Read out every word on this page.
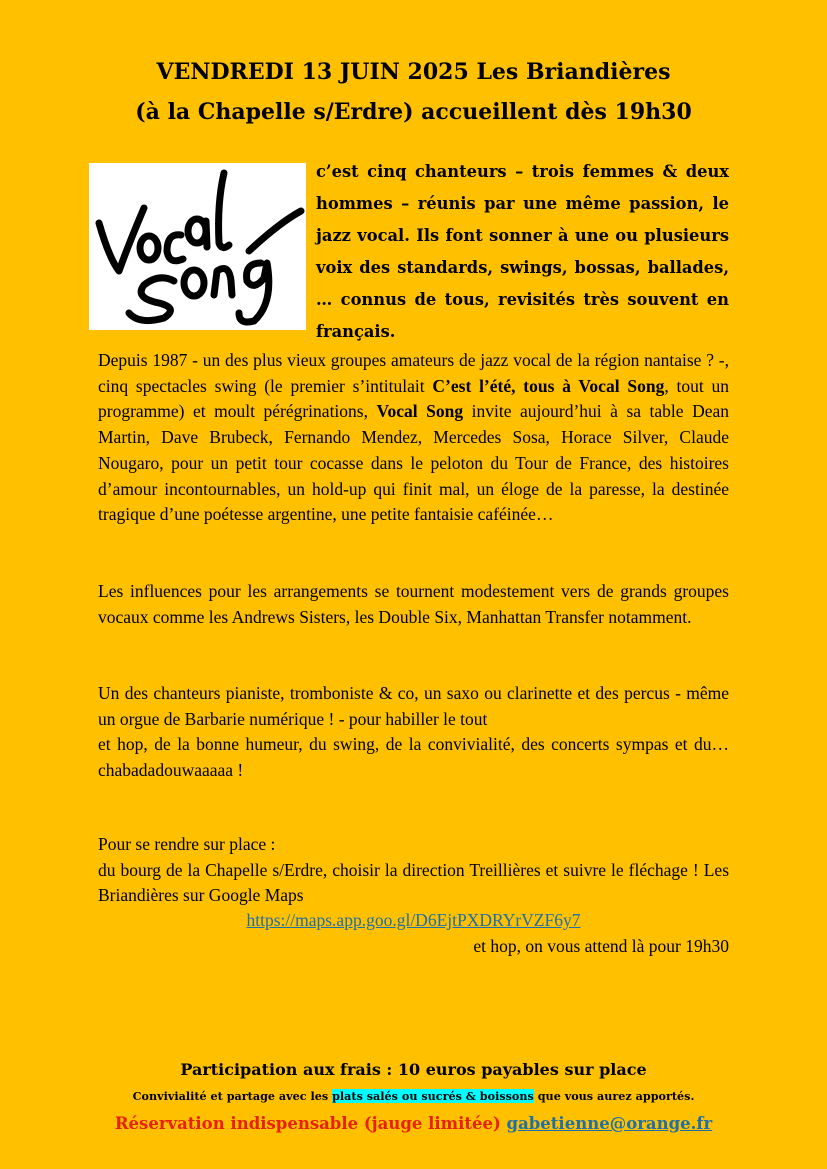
VENDREDI 13 JUIN 2025 Les Briandières
(à la Chapelle s/Erdre) accueillent dès 19h30
c’est cinq chanteurs – trois femmes & deux hommes – réunis par une même passion, le jazz vocal. Ils font sonner à une ou plusieurs voix des standards, swings, bossas, ballades, … connus de tous, revisités très souvent en français.
Depuis 1987 - un des plus vieux groupes amateurs de jazz vocal de la région nantaise ? -, cinq spectacles swing (le premier s’intitulait C’est l’été, tous à Vocal Song, tout un programme) et moult pérégrinations, Vocal Song invite aujourd’hui à sa table Dean Martin, Dave Brubeck, Fernando Mendez, Mercedes Sosa, Horace Silver, Claude Nougaro, pour un petit tour cocasse dans le peloton du Tour de France, des histoires d’amour incontournables, un hold-up qui finit mal, un éloge de la paresse, la destinée tragique d’une poétesse argentine, une petite fantaisie caféinée…
Les influences pour les arrangements se tournent modestement vers de grands groupes vocaux comme les Andrews Sisters, les Double Six, Manhattan Transfer notamment.

Un des chanteurs pianiste, tromboniste & co, un saxo ou clarinette et des percus - même un orgue de Barbarie numérique ! - pour habiller le tout

et hop, de la bonne humeur, du swing, de la convivialité, des concerts sympas et du… chabadadouwaaaaa !

Pour se rendre sur place :

du bourg de la Chapelle s/Erdre, choisir la direction Treillières et suivre le fléchage ! Les Briandières sur Google Maps

https://maps.app.goo.gl/D6EjtPXDRYrVZF6y7
et hop, on vous attend là pour 19h30
Participation aux frais : 10 euros payables sur place
Convivialité et partage avec les plats salés ou sucrés & boissons que vous aurez apportés.
Réservation indispensable (jauge limitée) gabetienne@orange.fr
